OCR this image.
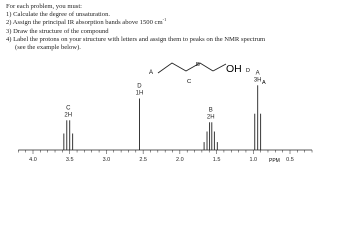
For each problem, you must:
1) Calculate the degree of unsaturation.
2) Assign the principal IR absorption bands above 1500 $cm^{-1}$
3) Draw the structure of the compound
4) Label the protons on your structure with letters and assign them to peaks on the NMR spectrum
(see the example below).
A
B
C
OH D
A
C
2H
D
1H
B
2H
A
3H
4.0	3.5	3.0	2.5	2.0	1.5	1.0	0.5
PPM
